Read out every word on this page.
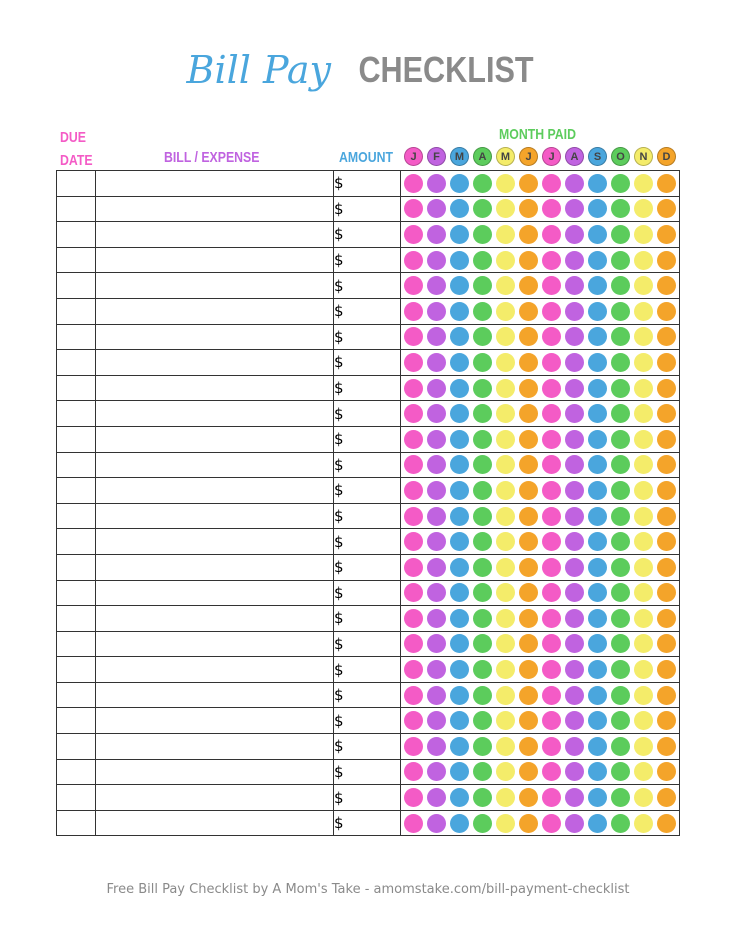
Bill Pay CHECKLIST
DUE
DATE	BILL / EXPENSE	AMOUNT
MONTH PAID
J	F	M	A	M	J	J	A	S	O	N	D
		$	

		$	

		$	

		$	

		$	

		$	

		$	

		$	

		$	

		$	

		$	

		$	

		$	

		$	

		$	

		$	

		$	

		$	

		$	

		$	

		$	

		$	

		$	

		$	

		$	

		$	
Free Bill Pay Checklist by A Mom's Take - amomstake.com/bill-payment-checklist
